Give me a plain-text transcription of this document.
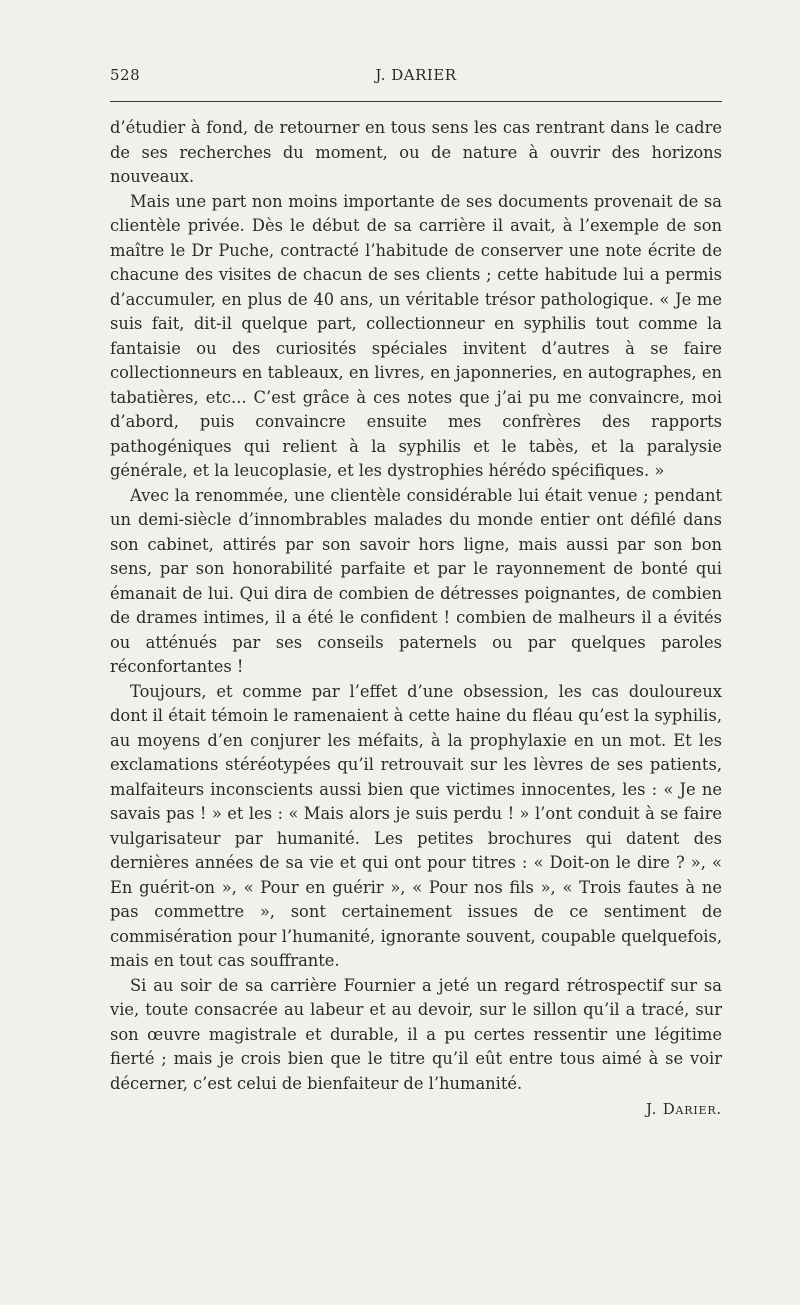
528	J. DARIER

d’étudier à fond, de retourner en tous sens les cas rentrant dans le cadre de ses recherches du moment, ou de nature à ouvrir des horizons nouveaux.

Mais une part non moins importante de ses documents provenait de sa clientèle privée. Dès le début de sa carrière il avait, à l’exemple de son maître le Dr Puche, contracté l’habitude de conserver une note écrite de chacune des visites de chacun de ses clients ; cette habitude lui a permis d’accumuler, en plus de 40 ans, un véritable trésor pathologique. « Je me suis fait, dit-il quelque part, collectionneur en syphilis tout comme la fantaisie ou des curiosités spéciales invitent d’autres à se faire collectionneurs en tableaux, en livres, en japonneries, en autographes, en tabatières, etc... C’est grâce à ces notes que j’ai pu me convaincre, moi d’abord, puis convaincre ensuite mes confrères des rapports pathogéniques qui relient à la syphilis et le tabès, et la paralysie générale, et la leucoplasie, et les dystrophies hérédo spécifiques. »

Avec la renommée, une clientèle considérable lui était venue ; pendant un demi-siècle d’innombrables malades du monde entier ont défilé dans son cabinet, attirés par son savoir hors ligne, mais aussi par son bon sens, par son honorabilité parfaite et par le rayonnement de bonté qui émanait de lui. Qui dira de combien de détresses poignantes, de combien de drames intimes, il a été le confident ! combien de malheurs il a évités ou atténués par ses conseils paternels ou par quelques paroles réconfortantes !

Toujours, et comme par l’effet d’une obsession, les cas douloureux dont il était témoin le ramenaient à cette haine du fléau qu’est la syphilis, au moyens d’en conjurer les méfaits, à la prophylaxie en un mot. Et les exclamations stéréotypées qu’il retrouvait sur les lèvres de ses patients, malfaiteurs inconscients aussi bien que victimes innocentes, les : « Je ne savais pas ! » et les : « Mais alors je suis perdu ! » l’ont conduit à se faire vulgarisateur par humanité. Les petites brochures qui datent des dernières années de sa vie et qui ont pour titres : « Doit-on le dire ? », « En guérit-on », « Pour en guérir », « Pour nos fils », « Trois fautes à ne pas commettre », sont certainement issues de ce sentiment de commisération pour l’humanité, ignorante souvent, coupable quelquefois, mais en tout cas souffrante.

Si au soir de sa carrière Fournier a jeté un regard rétrospectif sur sa vie, toute consacrée au labeur et au devoir, sur le sillon qu’il a tracé, sur son œuvre magistrale et durable, il a pu certes ressentir une légitime fierté ; mais je crois bien que le titre qu’il eût entre tous aimé à se voir décerner, c’est celui de bienfaiteur de l’humanité.

J. Darier.
